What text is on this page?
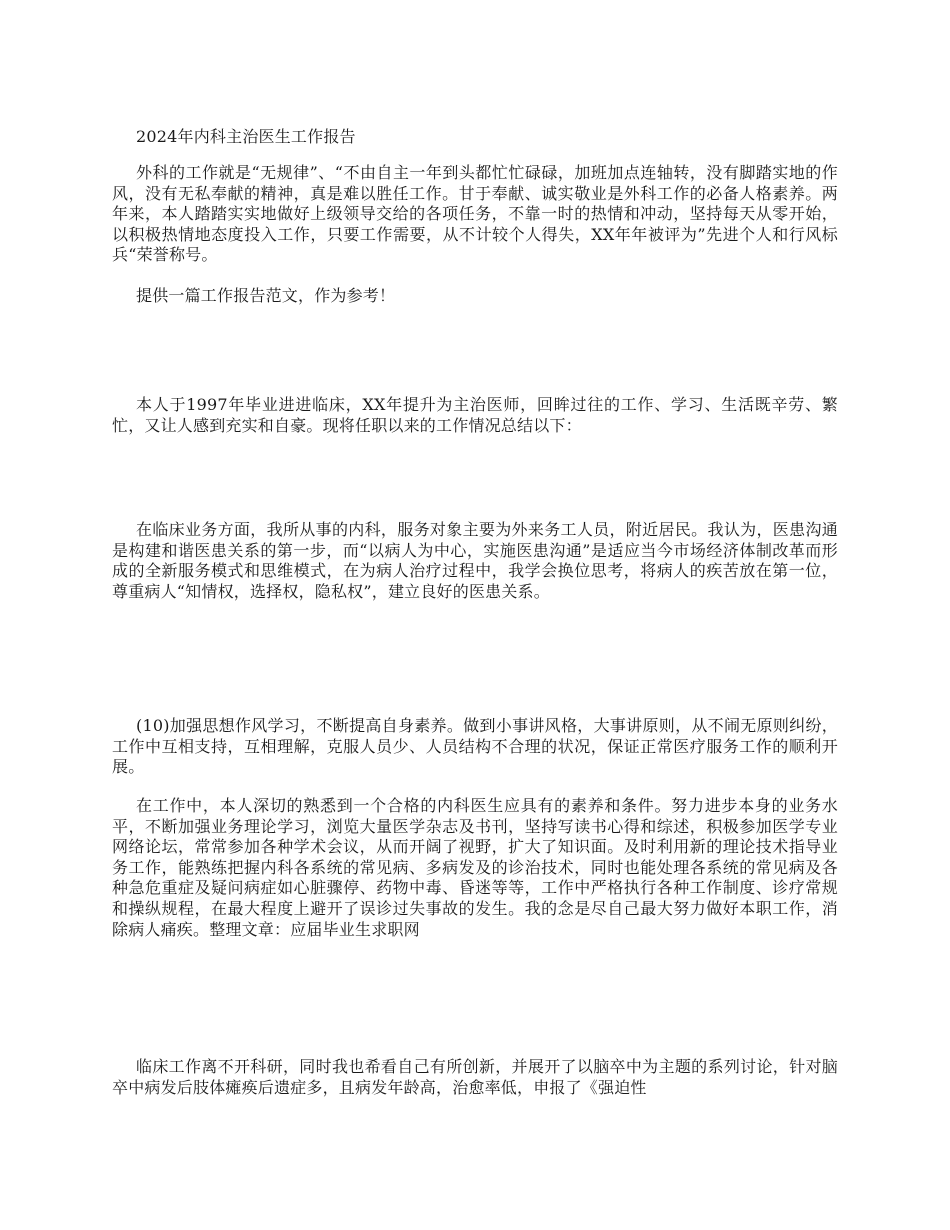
2024年内科主治医生工作报告

外科的工作就是“无规律”、“不由自主一年到头都忙忙碌碌，加班加点连轴转，没有脚踏实地的作风，没有无私奉献的精神，真是难以胜任工作。甘于奉献、诚实敬业是外科工作的必备人格素养。两年来，本人踏踏实实地做好上级领导交给的各项任务，不靠一时的热情和冲动，坚持每天从零开始，以积极热情地态度投入工作，只要工作需要，从不计较个人得失，XX年年被评为”先进个人和行风标兵“荣誉称号。

提供一篇工作报告范文，作为参考！

本人于1997年毕业进进临床，XX年提升为主治医师，回眸过往的工作、学习、生活既辛劳、繁忙，又让人感到充实和自豪。现将任职以来的工作情况总结以下：

在临床业务方面，我所从事的内科，服务对象主要为外来务工人员，附近居民。我认为，医患沟通是构建和谐医患关系的第一步，而“以病人为中心，实施医患沟通”是适应当今市场经济体制改革而形成的全新服务模式和思维模式，在为病人治疗过程中，我学会换位思考，将病人的疾苦放在第一位，尊重病人“知情权，选择权，隐私权”，建立良好的医患关系。

(10)加强思想作风学习，不断提高自身素养。做到小事讲风格，大事讲原则，从不闹无原则纠纷，工作中互相支持，互相理解，克服人员少、人员结构不合理的状况，保证正常医疗服务工作的顺利开展。

在工作中，本人深切的熟悉到一个合格的内科医生应具有的素养和条件。努力进步本身的业务水平，不断加强业务理论学习，浏览大量医学杂志及书刊，坚持写读书心得和综述，积极参加医学专业网络论坛，常常参加各种学术会议，从而开阔了视野，扩大了知识面。及时利用新的理论技术指导业务工作，能熟练把握内科各系统的常见病、多病发及的诊治技术，同时也能处理各系统的常见病及各种急危重症及疑问病症如心脏骤停、药物中毒、昏迷等等，工作中严格执行各种工作制度、诊疗常规和操纵规程，在最大程度上避开了误诊过失事故的发生。我的念是尽自己最大努力做好本职工作，消除病人痛疾。整理文章：应届毕业生求职网

临床工作离不开科研，同时我也希看自己有所创新，并展开了以脑卒中为主题的系列讨论，针对脑卒中病发后肢体瘫痪后遗症多，且病发年龄高，治愈率低，申报了《强迫性
